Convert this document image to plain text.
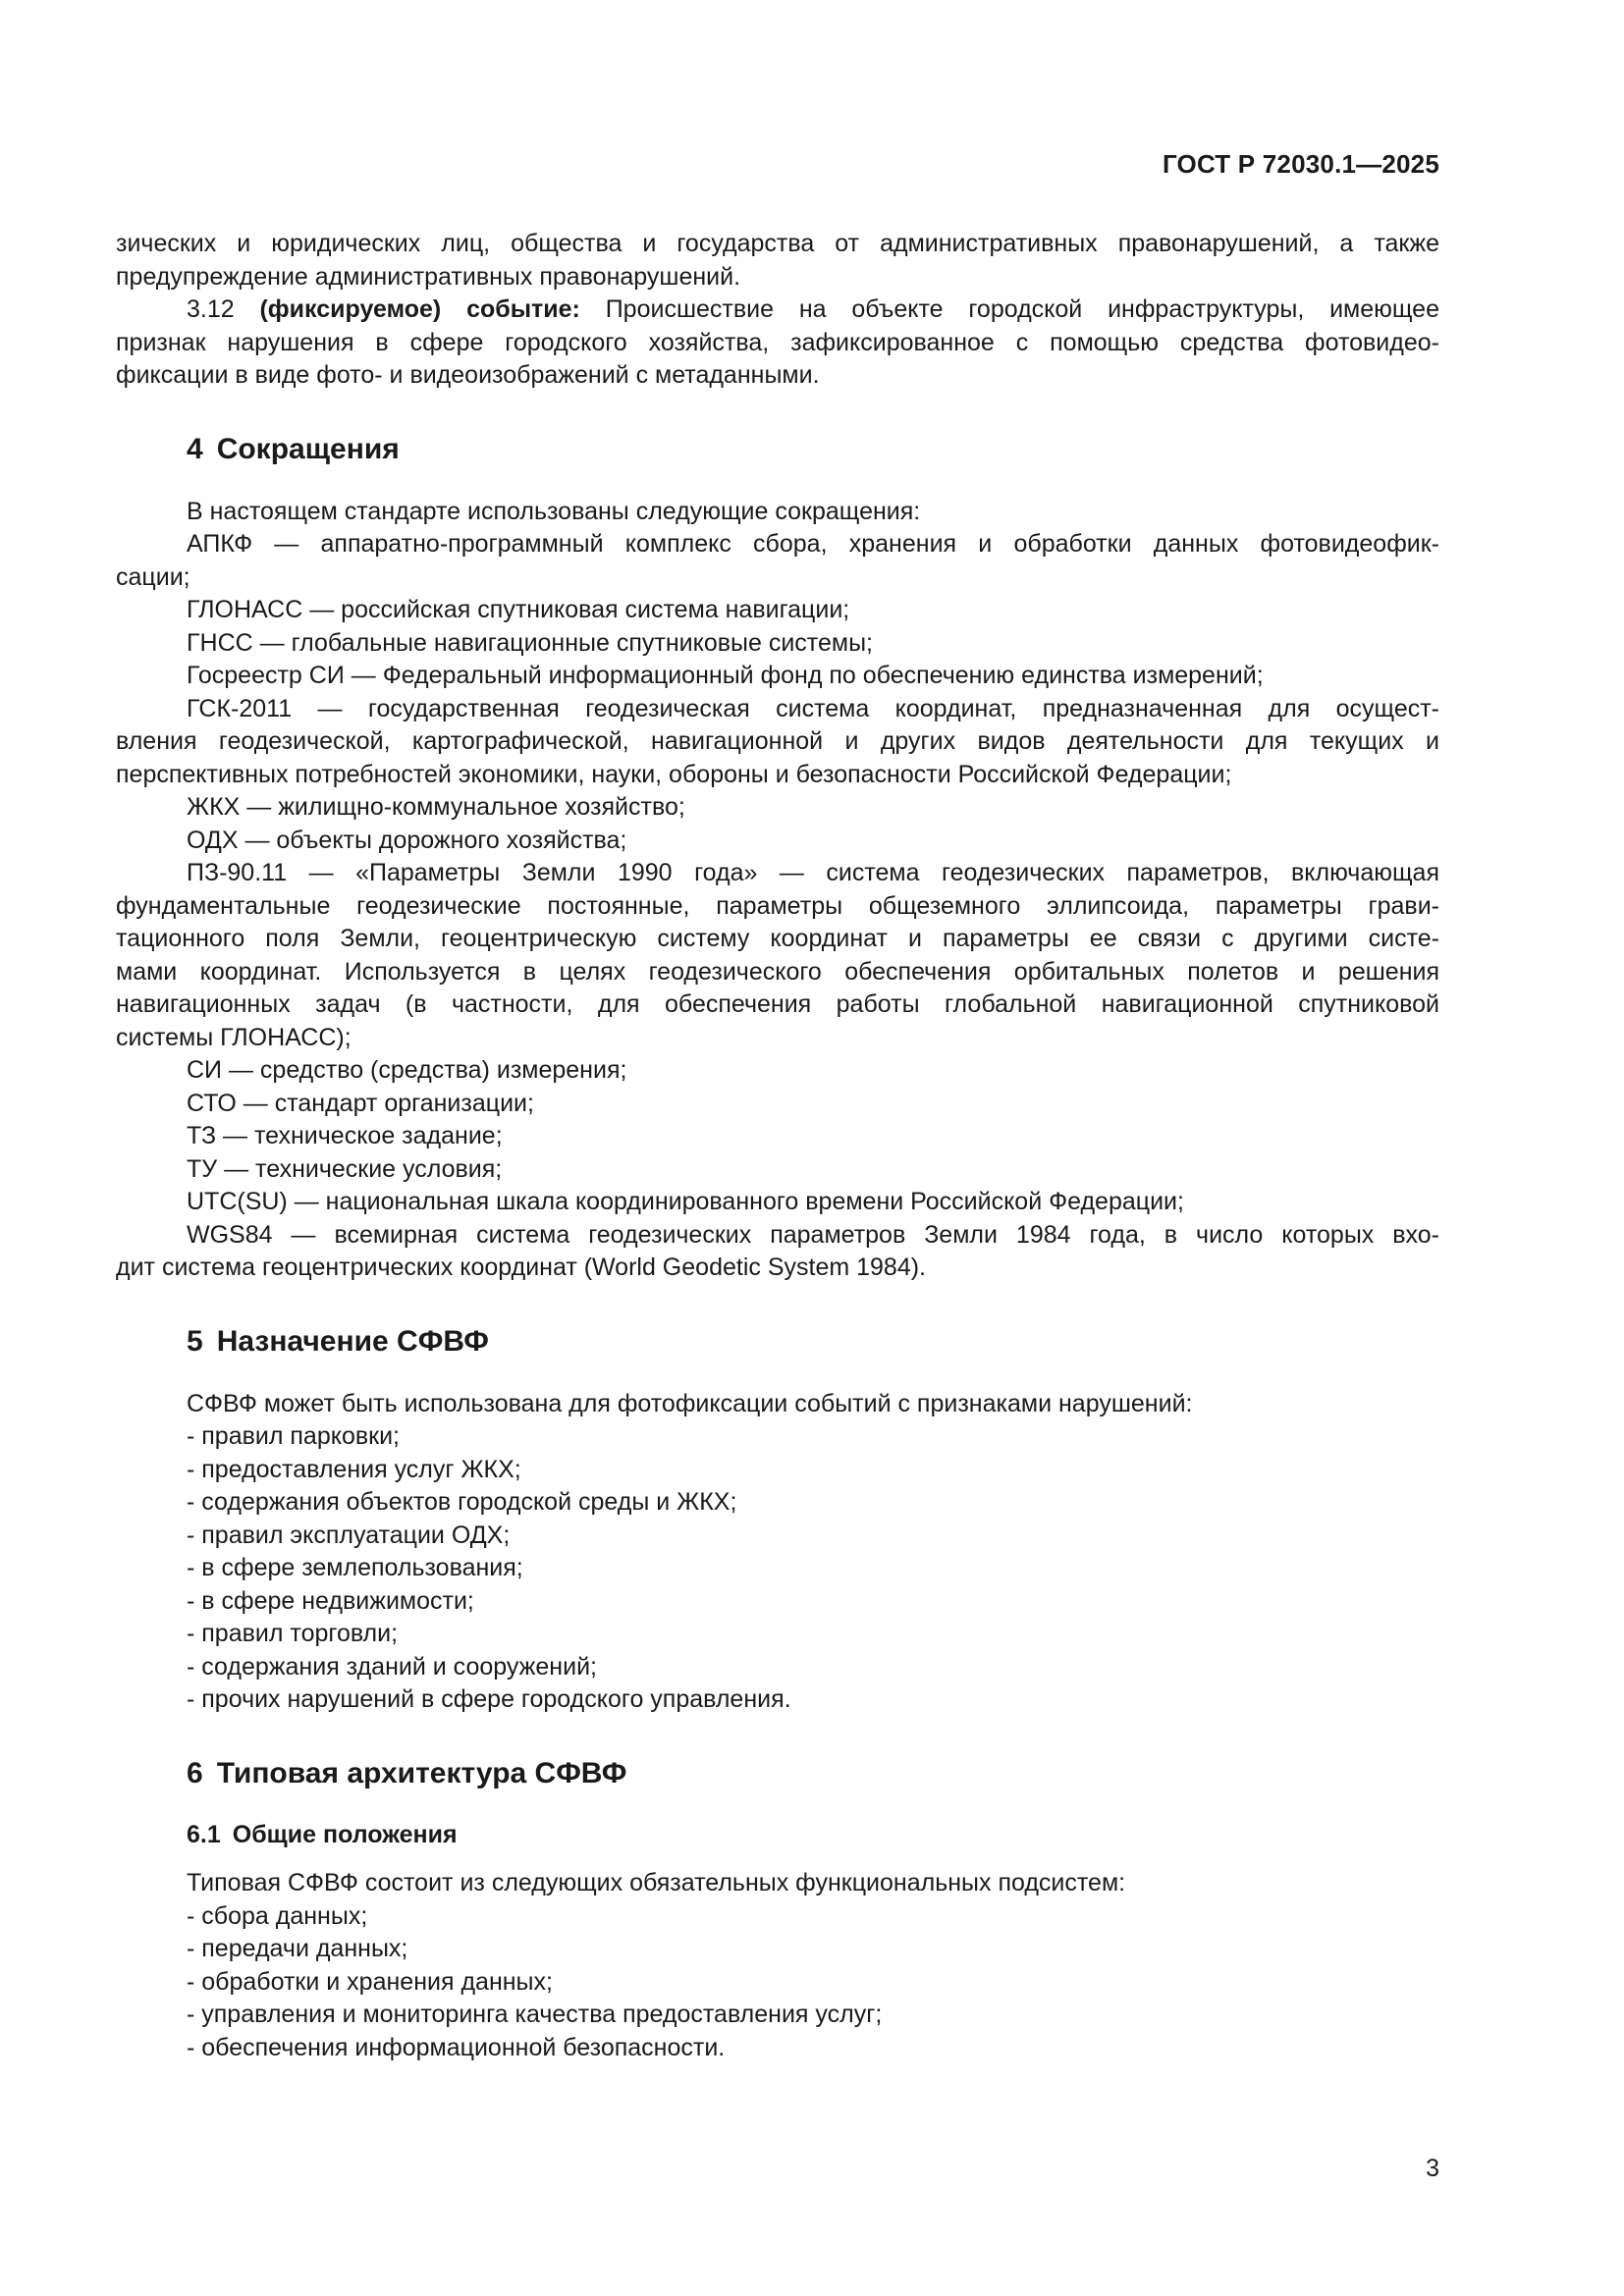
ГОСТ Р 72030.1—2025

зических и юридических лиц, общества и государства от административных правонарушений, а также

предупреждение административных правонарушений.

3.12 (фиксируемое) событие: Происшествие на объекте городской инфраструктуры, имеющее

признак нарушения в сфере городского хозяйства, зафиксированное с помощью средства фотовидео-

фиксации в виде фото- и видеоизображений с метаданными.

4 Сокращения

В настоящем стандарте использованы следующие сокращения:

АПКФ — аппаратно-программный комплекс сбора, хранения и обработки данных фотовидеофик-

сации;

ГЛОНАСС — российская спутниковая система навигации;

ГНСС — глобальные навигационные спутниковые системы;

Госреестр СИ — Федеральный информационный фонд по обеспечению единства измерений;

ГСК-2011 — государственная геодезическая система координат, предназначенная для осущест-

вления геодезической, картографической, навигационной и других видов деятельности для текущих и

перспективных потребностей экономики, науки, обороны и безопасности Российской Федерации;

ЖКХ — жилищно-коммунальное хозяйство;

ОДХ — объекты дорожного хозяйства;

ПЗ-90.11 — «Параметры Земли 1990 года» — система геодезических параметров, включающая

фундаментальные геодезические постоянные, параметры общеземного эллипсоида, параметры грави-

тационного поля Земли, геоцентрическую систему координат и параметры ее связи с другими систе-

мами координат. Используется в целях геодезического обеспечения орбитальных полетов и решения

навигационных задач (в частности, для обеспечения работы глобальной навигационной спутниковой

системы ГЛОНАСС);

СИ — средство (средства) измерения;

СТО — стандарт организации;

ТЗ — техническое задание;

ТУ — технические условия;

UTC(SU) — национальная шкала координированного времени Российской Федерации;

WGS84 — всемирная система геодезических параметров Земли 1984 года, в число которых вхо-

дит система геоцентрических координат (World Geodetic System 1984).

5 Назначение СФВФ

СФВФ может быть использована для фотофиксации событий с признаками нарушений:

- правил парковки;

- предоставления услуг ЖКХ;

- содержания объектов городской среды и ЖКХ;

- правил эксплуатации ОДХ;

- в сфере землепользования;

- в сфере недвижимости;

- правил торговли;

- содержания зданий и сооружений;

- прочих нарушений в сфере городского управления.

6 Типовая архитектура СФВФ
6.1 Общие положения

Типовая СФВФ состоит из следующих обязательных функциональных подсистем:

- сбора данных;

- передачи данных;

- обработки и хранения данных;

- управления и мониторинга качества предоставления услуг;

- обеспечения информационной безопасности.

3
